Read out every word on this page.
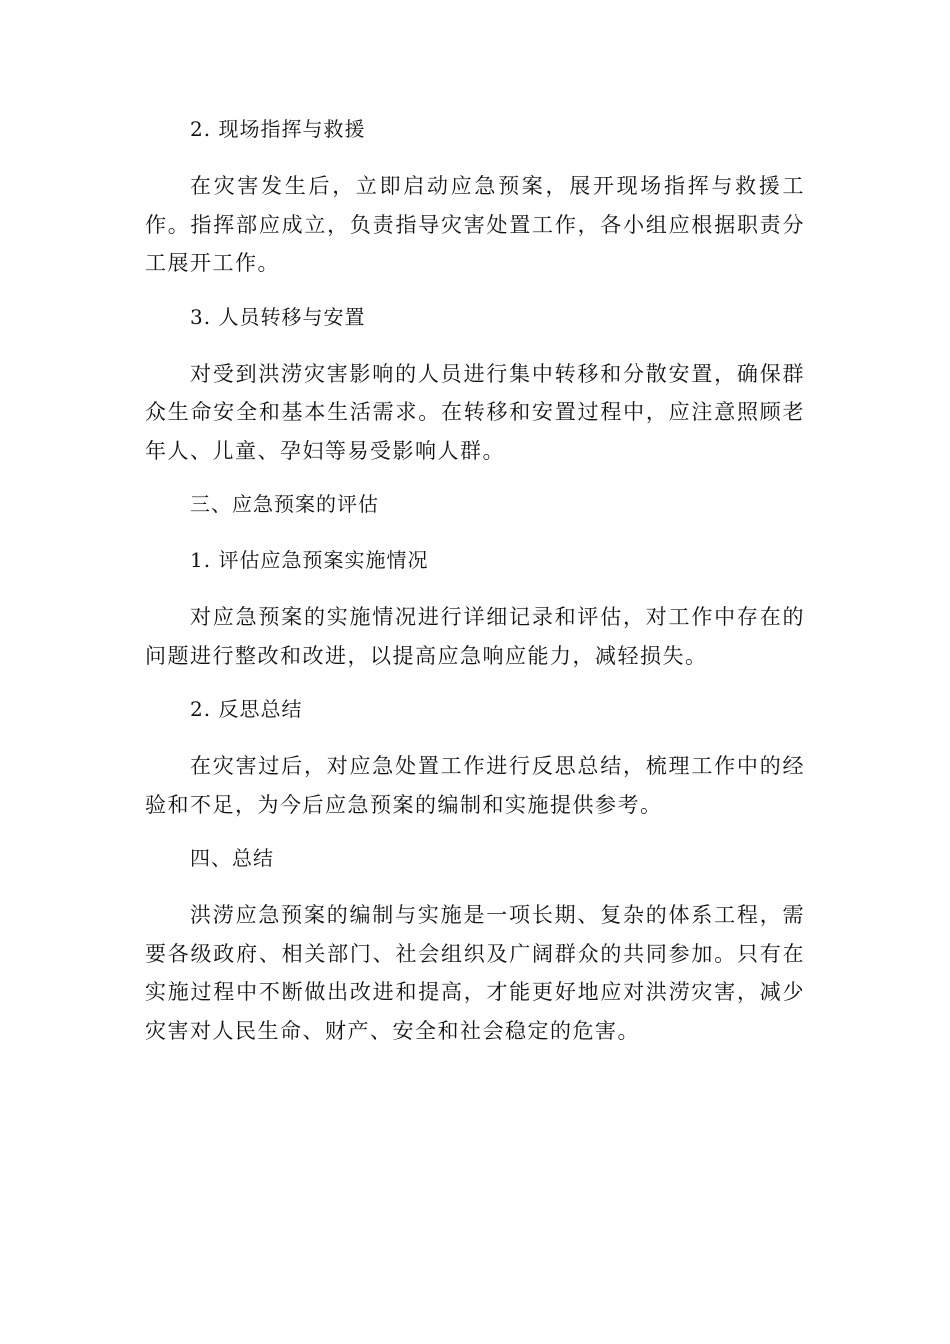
2. 现场指挥与救援

在灾害发生后，立即启动应急预案，展开现场指挥与救援工作。指挥部应成立，负责指导灾害处置工作，各小组应根据职责分工展开工作。

3. 人员转移与安置

对受到洪涝灾害影响的人员进行集中转移和分散安置，确保群众生命安全和基本生活需求。在转移和安置过程中，应注意照顾老年人、儿童、孕妇等易受影响人群。

三、应急预案的评估

1. 评估应急预案实施情况

对应急预案的实施情况进行详细记录和评估，对工作中存在的问题进行整改和改进，以提高应急响应能力，减轻损失。

2. 反思总结

在灾害过后，对应急处置工作进行反思总结，梳理工作中的经验和不足，为今后应急预案的编制和实施提供参考。

四、总结

洪涝应急预案的编制与实施是一项长期、复杂的体系工程，需要各级政府、相关部门、社会组织及广阔群众的共同参加。只有在实施过程中不断做出改进和提高，才能更好地应对洪涝灾害，减少灾害对人民生命、财产、安全和社会稳定的危害。
